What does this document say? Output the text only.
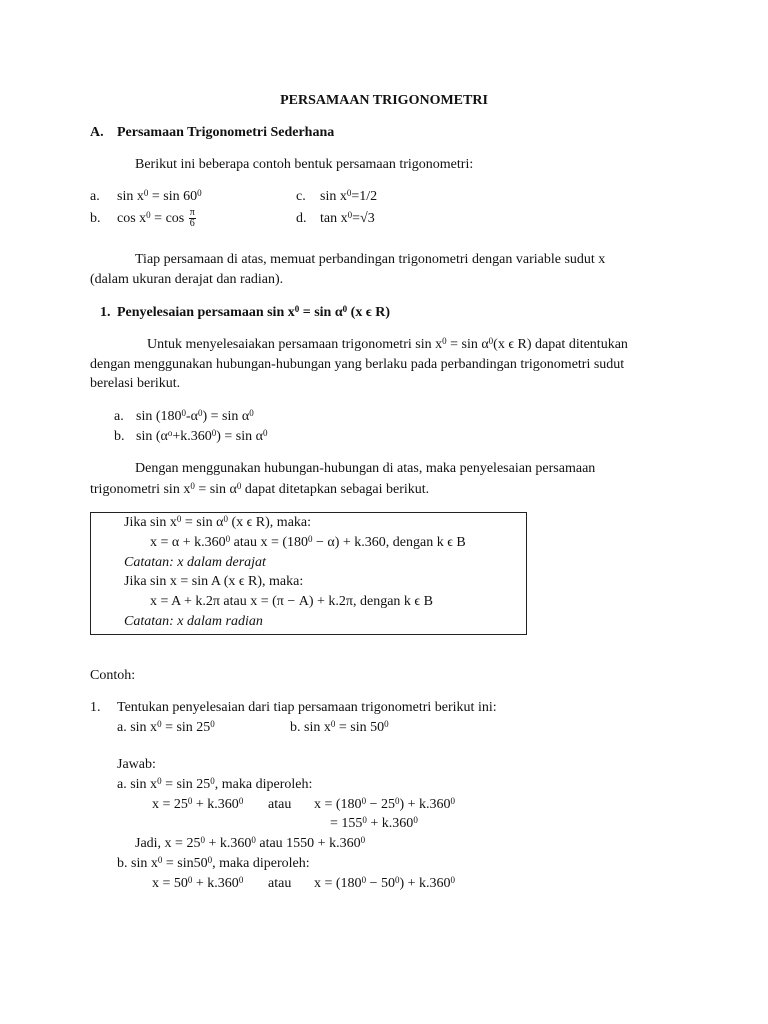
PERSAMAAN TRIGONOMETRI
A. Persamaan Trigonometri Sederhana
Berikut ini beberapa contoh bentuk persamaan trigonometri:
a. $\sin x^0 = \sin 60^0$	c. $\sin x^0=1/2$
b. $\cos x^0 = \cos \frac{\pi}{6}$	d. $\tan x^0=√3$
Tiap persamaan di atas, memuat perbandingan trigonometri dengan variable sudut x
(dalam ukuran derajat dan radian).
1. Penyelesaian persamaan $\sin x^0 = \sin \alpha^0$ (x ϵ R)
Untuk menyelesaiakan persamaan trigonometri $\sin x^0 = \sin \alpha^0(x$ ϵ R) dapat ditentukan
dengan menggunakan hubungan-hubungan yang berlaku pada perbandingan trigonometri sudut
berelasi berikut.
a. $\sin (180^0-\alpha^0) = \sin \alpha^0$
b. $\sin (\alpha^o+k.360^0) = \sin \alpha^0$
Dengan menggunakan hubungan-hubungan di atas, maka penyelesaian persamaan
trigonometri $\sin x^0 = \sin \alpha^0$ dapat ditetapkan sebagai berikut.
Jika $\sin x^0 = \sin \alpha^0$ (x ϵ R), maka:
$x = \alpha + k.360^0$ atau $x = (180^0 - \alpha) + k.360$, dengan k ϵ B
Catatan: x dalam derajat
Jika sin x = sin A (x ϵ R), maka:
x = A + k.2π atau x = (π − A) + k.2π, dengan k ϵ B
Catatan: x dalam radian
Contoh:
1. Tentukan penyelesaian dari tiap persamaan trigonometri berikut ini:
a. $\sin x^0 = \sin 25^0$	b. $\sin x^0 = \sin 50^0$
Jawab:
a. $\sin x^0 = \sin 25^0$, maka diperoleh:
$x = 25^0 + k.360^0$ atau $x = (180^0 - 25^0) + k.360^0$
= $155^0 + k.360^0$
Jadi, $x = 25^0 + k.360^0$ atau $1550 + k.360^0$
b. $\sin x^0 = \sin 50^0$, maka diperoleh:
$x = 50^0 + k.360^0$ atau $x = (180^0 - 50^0) + k.360^0$
